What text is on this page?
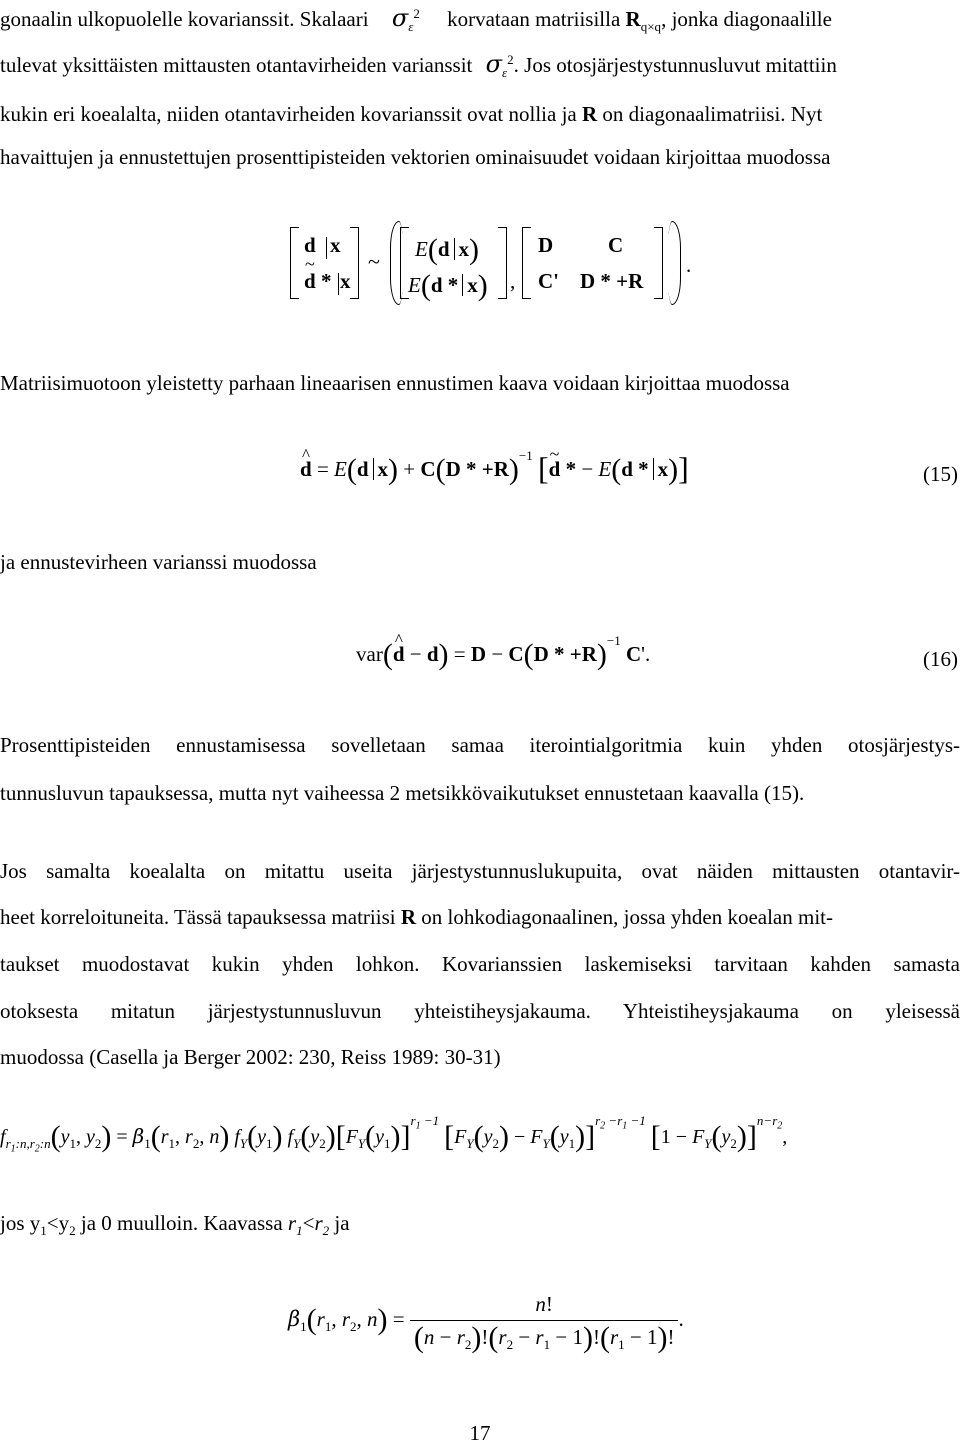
gonaalin ulkopuolelle kovarianssit. Skalaari $\sigma_\varepsilon^2$ korvataan matriisilla $R_{q\times q}$, jonka diagonaalille
tulevat yksittäisten mittausten otantavirheiden varianssit $\sigma_\varepsilon^2$. Jos otosjärjestystunnusluvut mitattiin
kukin eri koealalta, niiden otantavirheiden kovarianssit ovat nollia ja R on diagonaalimatriisi. Nyt
havaittujen ja ennustettujen prosenttipisteiden vektorien ominaisuudet voidaan kirjoittaa muodossa
d x
~ d * x
~ E(d x)
E(d * x) ,
D	C
C' D * +R
.
Matriisimuotoon yleistetty parhaan lineaarisen ennustimen kaava voidaan kirjoittaa muodossa
^ d = E(d $x) + C(D * +R)^{-1}$ [~ d * − E(d * x)]	(15)
ja ennustevirheen varianssi muodossa
var(^ $d - d) = D - C(D * +R)^{-1}$ C'.	(16)
Prosenttipisteiden ennustamisessa sovelletaan samaa iterointialgoritmia kuin yhden otosjärjestys-
tunnusluvun tapauksessa, mutta nyt vaiheessa 2 metsikkövaikutukset ennustetaan kaavalla (15).
Jos samalta koealalta on mitattu useita järjestystunnuslukupuita, ovat näiden mittausten otantavir-
heet korreloituneita. Tässä tapauksessa matriisi R on lohkodiagonaalinen, jossa yhden koealan mit-
taukset muodostavat kukin yhden lohkon. Kovarianssien laskemiseksi tarvitaan kahden samasta
otoksesta mitatun järjestystunnusluvun yhteistiheysjakauma. Yhteistiheysjakauma on yleisessä
muodossa (Casella ja Berger 2002: 230, Reiss 1989: 30-31)
$f_{r_1:n,r_2:n}(y_1$, $y_2) = \beta_1(r_1$, $r_2$, n) $f_Y(y_1)$ $f_Y(y_2)[F_Y(y_1)]^{r_1 -1}$ $[F_Y(y_2) - F_Y(y_1)]^{r_2 -r_1 -1}$ $[1 - F_Y(y_2)]^{n-r_2}$,
jos $y_1<y_2$ ja 0 muulloin. Kaavassa $r_1<r_2$ ja
$\beta_1(r_1$, $r_2$, $n) = \frac{n!}{(n - r_2)!(r_2 - r_1 - 1)!(r_1 - 1)!}$ .
17
